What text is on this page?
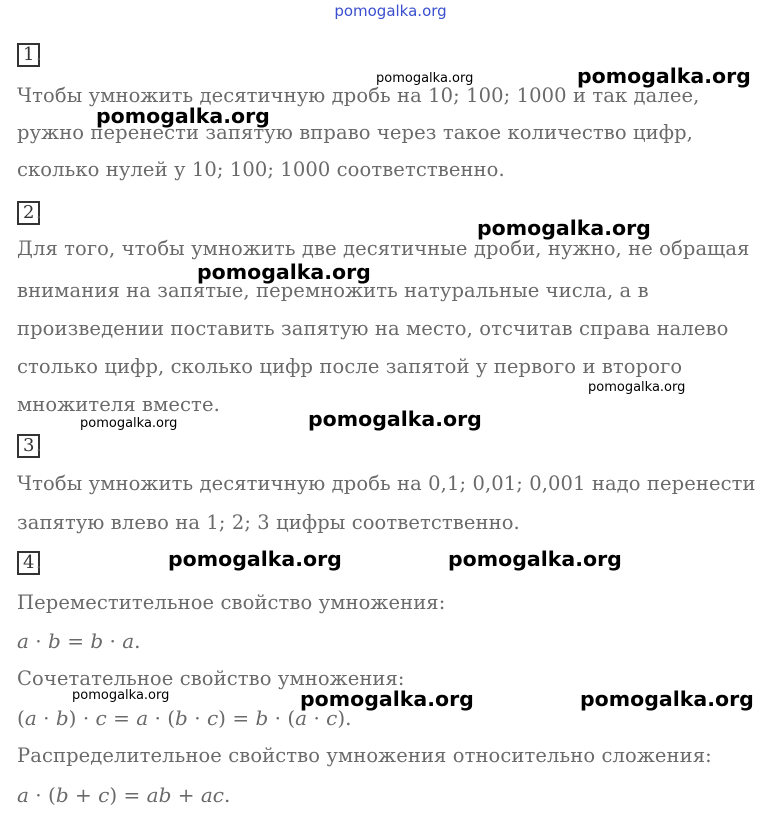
pomogalka.org
1 .
Чтобы умножить десятичную дробь на 10; 100; 1000 и так далее,
ружно перенести запятую вправо через такое количество цифр,
сколько нулей у 10; 100; 1000 соответственно.
2 .
Для того, чтобы умножить две десятичные дроби, нужно, не обращая
внимания на запятые, перемножить натуральные числа, а в
произведении поставить запятую на место, отсчитав справа налево
столько цифр, сколько цифр после запятой у первого и второго
множителя вместе.
3 .
Чтобы умножить десятичную дробь на 0,1; 0,01; 0,001 надо перенести
запятую влево на 1; 2; 3 цифры соответственно.
4 .
Переместительное свойство умножения:
a · b = b · a.
Сочетательное свойство умножения:
(a · b) · c = a · (b · c) = b · (a · c).
Распределительное свойство умножения относительно сложения:
a · (b + c) = ab + ac.
pomogalka.org	pomogalka.org
pomogalka.org
pomogalka.org
pomogalka.org
pomogalka.org
pomogalka.org	pomogalka.org
pomogalka.org	pomogalka.org
pomogalka.org	pomogalka.org	pomogalka.org
